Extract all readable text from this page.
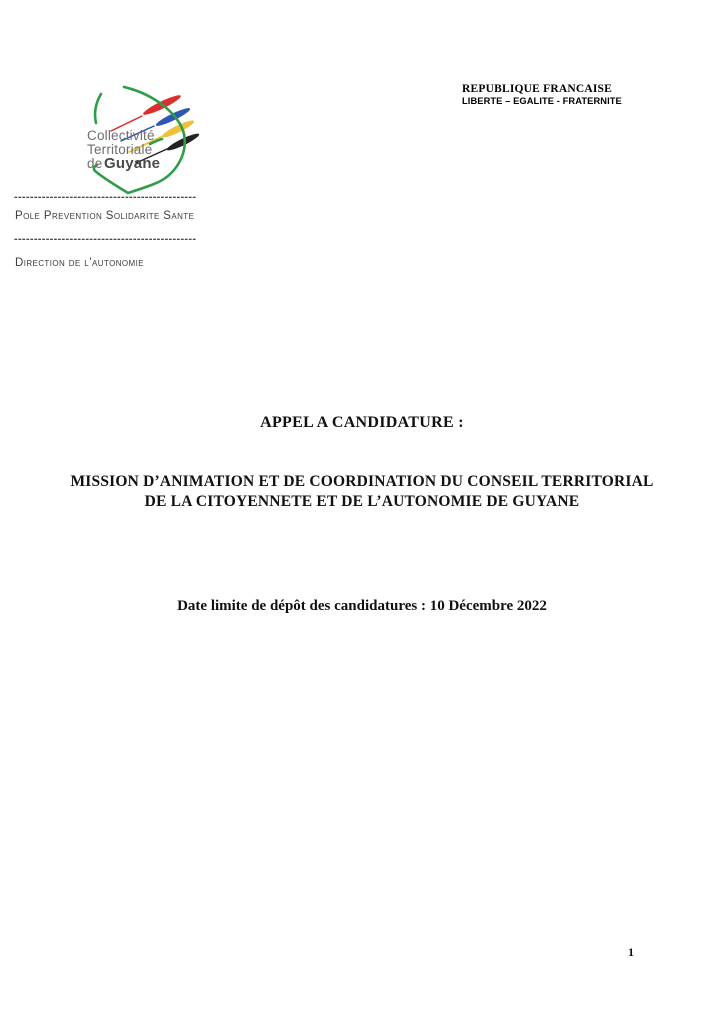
Collectivité
Territoriale
de Guyane
REPUBLIQUE FRANCAISE
LIBERTE – EGALITE - FRATERNITE
----------------------------------------------
Pole Prevention Solidarite Sante
----------------------------------------------
Direction de l’autonomie
APPEL A CANDIDATURE :
MISSION D’ANIMATION ET DE COORDINATION DU CONSEIL TERRITORIAL
DE LA CITOYENNETE ET DE L’AUTONOMIE DE GUYANE
Date limite de dépôt des candidatures : 10 Décembre 2022
1
